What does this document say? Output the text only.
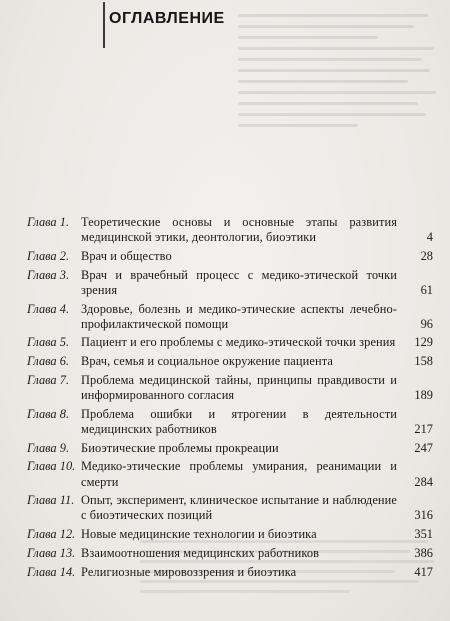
ОГЛАВЛЕНИЕ
Глава 1. Теоретические основы и основные этапы развития медицинской этики, деонтологии, биоэтики	4
Глава 2. Врач и общество	28
Глава 3. Врач и врачебный процесс с медико-этической точки зрения	61
Глава 4. Здоровье, болезнь и медико-этические аспекты лечебно-профилактической помощи	96
Глава 5. Пациент и его проблемы с медико-этической точки зрения 129
Глава 6. Врач, семья и социальное окружение пациента	158
Глава 7. Проблема медицинской тайны, принципы правдивости и информированного согласия	189
Глава 8. Проблема ошибки и ятрогении в деятельности медицинских работников	217
Глава 9. Биоэтические проблемы прокреации	247
Глава 10. Медико-этические проблемы умирания, реанимации и смерти	284
Глава 11. Опыт, эксперимент, клиническое испытание и наблюдение с биоэтических позиций	316
Глава 12. Новые медицинские технологии и биоэтика	351
Глава 13. Взаимоотношения медицинских работников	386
Глава 14. Религиозные мировоззрения и биоэтика	417
